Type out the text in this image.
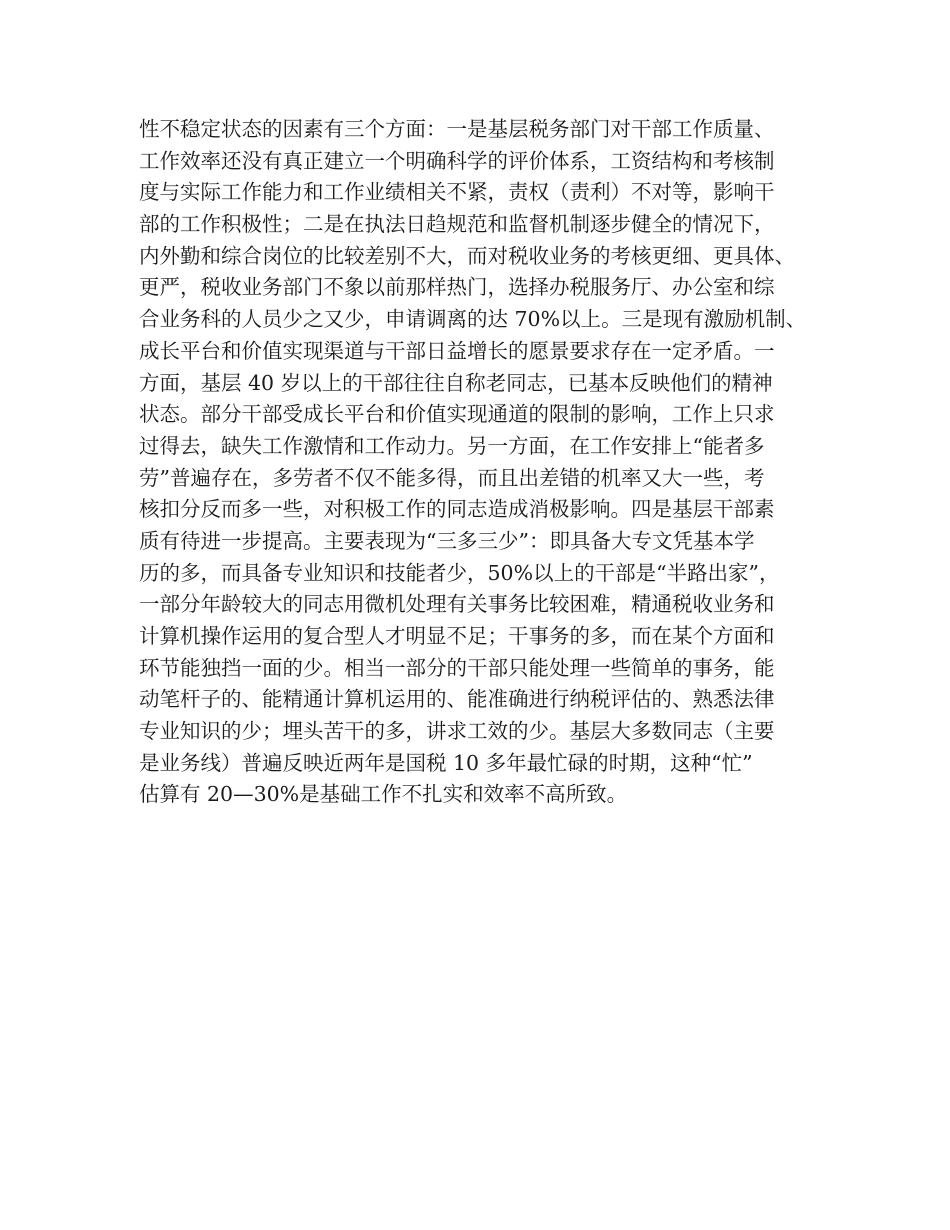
性不稳定状态的因素有三个方面：一是基层税务部门对干部工作质量、
工作效率还没有真正建立一个明确科学的评价体系，工资结构和考核制
度与实际工作能力和工作业绩相关不紧，责权（责利）不对等，影响干
部的工作积极性；二是在执法日趋规范和监督机制逐步健全的情况下，
内外勤和综合岗位的比较差别不大，而对税收业务的考核更细、更具体、
更严，税收业务部门不象以前那样热门，选择办税服务厅、办公室和综
合业务科的人员少之又少，申请调离的达 70%以上。三是现有激励机制、
成长平台和价值实现渠道与干部日益增长的愿景要求存在一定矛盾。一
方面，基层 40 岁以上的干部往往自称老同志，已基本反映他们的精神
状态。部分干部受成长平台和价值实现通道的限制的影响，工作上只求
过得去，缺失工作激情和工作动力。另一方面，在工作安排上“能者多
劳”普遍存在，多劳者不仅不能多得，而且出差错的机率又大一些，考
核扣分反而多一些，对积极工作的同志造成消极影响。四是基层干部素
质有待进一步提高。主要表现为“三多三少”：即具备大专文凭基本学
历的多，而具备专业知识和技能者少，50%以上的干部是“半路出家”，
一部分年龄较大的同志用微机处理有关事务比较困难，精通税收业务和
计算机操作运用的复合型人才明显不足；干事务的多，而在某个方面和
环节能独挡一面的少。相当一部分的干部只能处理一些简单的事务，能
动笔杆子的、能精通计算机运用的、能准确进行纳税评估的、熟悉法律
专业知识的少；埋头苦干的多，讲求工效的少。基层大多数同志（主要
是业务线）普遍反映近两年是国税 10 多年最忙碌的时期，这种“忙”
估算有 20—30%是基础工作不扎实和效率不高所致。
